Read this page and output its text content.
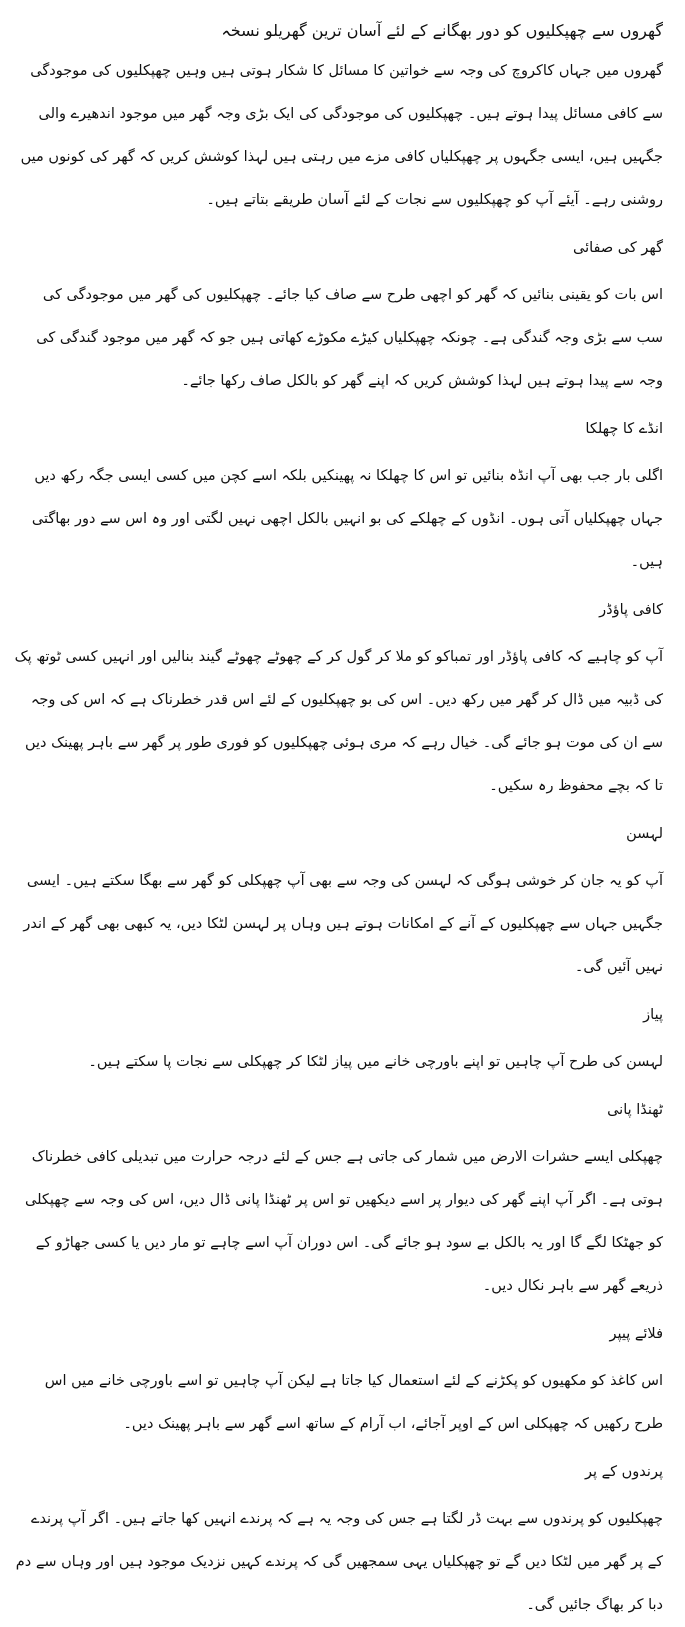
گھروں سے چھپکلیوں کو دور بھگانے کے لئے آسان ترین گھریلو نسخہ

گھروں میں جہاں کاکروچ کی وجہ سے خواتین کا مسائل کا شکار ہوتی ہیں وہیں چھپکلیوں کی موجودگی سے کافی مسائل پیدا ہوتے ہیں۔ چھپکلیوں کی موجودگی کی ایک بڑی وجہ گھر میں موجود اندھیرے والی جگہیں ہیں، ایسی جگہوں پر چھپکلیاں کافی مزے میں رہتی ہیں لہذا کوشش کریں کہ گھر کی کونوں میں روشنی رہے۔ آیئے آپ کو چھپکلیوں سے نجات کے لئے آسان طریقے بتاتے ہیں۔

گھر کی صفائی

اس بات کو یقینی بنائیں کہ گھر کو اچھی طرح سے صاف کیا جائے۔ چھپکلیوں کی گھر میں موجودگی کی سب سے بڑی وجہ گندگی ہے۔ چونکہ چھپکلیاں کیڑے مکوڑے کھاتی ہیں جو کہ گھر میں موجود گندگی کی وجہ سے پیدا ہوتے ہیں لہذا کوشش کریں کہ اپنے گھر کو بالکل صاف رکھا جائے۔

انڈے کا چھلکا

اگلی بار جب بھی آپ انڈہ بنائیں تو اس کا چھلکا نہ پھینکیں بلکہ اسے کچن میں کسی ایسی جگہ رکھ دیں جہاں چھپکلیاں آتی ہوں۔ انڈوں کے چھلکے کی بو انہیں بالکل اچھی نہیں لگتی اور وہ اس سے دور بھاگتی ہیں۔

کافی پاؤڈر

آپ کو چاہیے کہ کافی پاؤڈر اور تمباکو کو ملا کر گول کر کے چھوٹے چھوٹے گیند بنالیں اور انہیں کسی ٹوتھ پک کی ڈبیہ میں ڈال کر گھر میں رکھ دیں۔ اس کی بو چھپکلیوں کے لئے اس قدر خطرناک ہے کہ اس کی وجہ سے ان کی موت ہو جائے گی۔ خیال رہے کہ مری ہوئی چھپکلیوں کو فوری طور پر گھر سے باہر پھینک دیں تا کہ بچے محفوظ رہ سکیں۔

لہسن

آپ کو یہ جان کر خوشی ہوگی کہ لہسن کی وجہ سے بھی آپ چھپکلی کو گھر سے بھگا سکتے ہیں۔ ایسی جگہیں جہاں سے چھپکلیوں کے آنے کے امکانات ہوتے ہیں وہاں پر لہسن لٹکا دیں، یہ کبھی بھی گھر کے اندر نہیں آئیں گی۔

پیاز

لہسن کی طرح آپ چاہیں تو اپنے باورچی خانے میں پیاز لٹکا کر چھپکلی سے نجات پا سکتے ہیں۔

ٹھنڈا پانی

چھپکلی ایسے حشرات الارض میں شمار کی جاتی ہے جس کے لئے درجہ حرارت میں تبدیلی کافی خطرناک ہوتی ہے۔ اگر آپ اپنے گھر کی دیوار پر اسے دیکھیں تو اس پر ٹھنڈا پانی ڈال دیں، اس کی وجہ سے چھپکلی کو جھٹکا لگے گا اور یہ بالکل بے سود ہو جائے گی۔ اس دوران آپ اسے چاہے تو مار دیں یا کسی جھاڑو کے ذریعے گھر سے باہر نکال دیں۔

فلائے پیپر

اس کاغذ کو مکھیوں کو پکڑنے کے لئے استعمال کیا جاتا ہے لیکن آپ چاہیں تو اسے باورچی خانے میں اس طرح رکھیں کہ چھپکلی اس کے اوپر آجائے، اب آرام کے ساتھ اسے گھر سے باہر پھینک دیں۔

پرندوں کے پر

چھپکلیوں کو پرندوں سے بہت ڈر لگتا ہے جس کی وجہ یہ ہے کہ پرندے انہیں کھا جاتے ہیں۔ اگر آپ پرندے کے پر گھر میں لٹکا دیں گے تو چھپکلیاں یہی سمجھیں گی کہ پرندے کہیں نزدیک موجود ہیں اور وہاں سے دم دبا کر بھاگ جائیں گی۔
